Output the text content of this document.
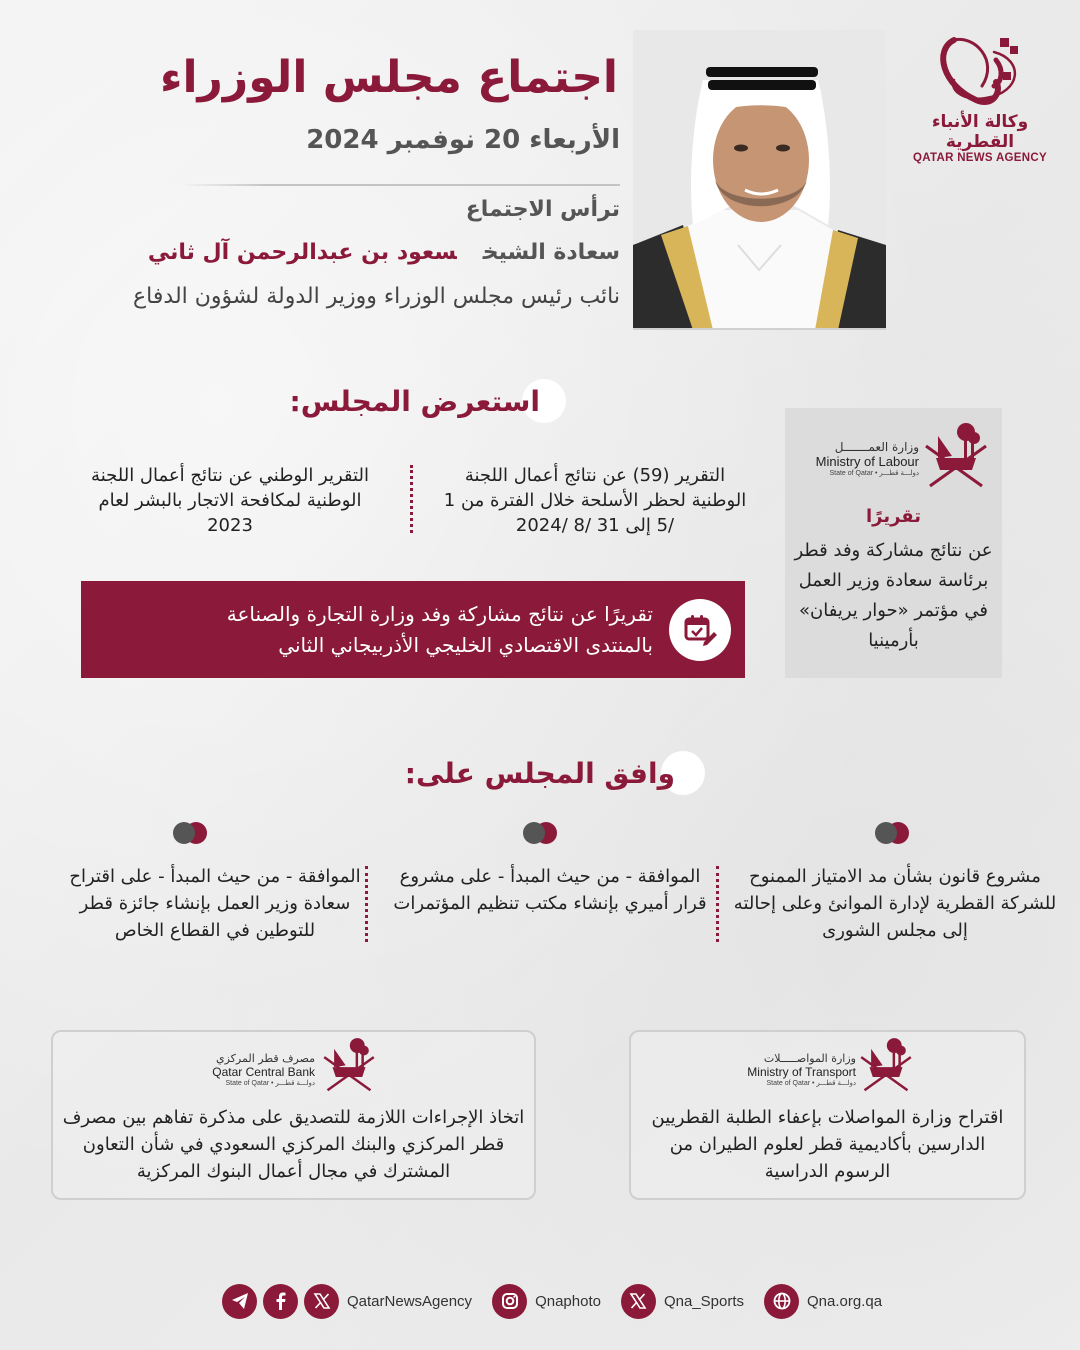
وكالة الأنباء القطرية
QATAR NEWS AGENCY
اجتماع مجلس الوزراء
الأربعاء 20 نوفمبر 2024
ترأس الاجتماع
سعادة الشيخسعود بن عبدالرحمن آل ثاني
نائب رئيس مجلس الوزراء ووزير الدولة لشؤون الدفاع
استعرض المجلس:
التقرير (59) عن نتائج أعمال اللجنة الوطنية لحظر الأسلحة خلال الفترة من 1 /5 إلى 31 /8 /2024
التقرير الوطني عن نتائج أعمال اللجنة الوطنية لمكافحة الاتجار بالبشر لعام 2023
تقريرًا عن نتائج مشاركة وفد وزارة التجارة والصناعة
بالمنتدى الاقتصادي الخليجي الأذربيجاني الثاني
وزارة العمـــــــل
Ministry of Labour
State of Qatar • دولـــة قطـــر
تقريرًا
عن نتائج مشاركة وفد قطر برئاسة سعادة وزير العمل في مؤتمر «حوار يريفان» بأرمينيا
وافق المجلس على:
مشروع قانون بشأن مد الامتياز الممنوح للشركة القطرية لإدارة الموانئ وعلى إحالته إلى مجلس الشورى
الموافقة - من حيث المبدأ - على مشروع قرار أميري بإنشاء مكتب تنظيم المؤتمرات
الموافقة - من حيث المبدأ - على اقتراح سعادة وزير العمل بإنشاء جائزة قطر للتوطين في القطاع الخاص
وزارة المواصـــــلات
Ministry of Transport
State of Qatar • دولـــة قطـــر
اقتراح وزارة المواصلات بإعفاء الطلبة القطريين الدارسين بأكاديمية قطر لعلوم الطيران من الرسوم الدراسية
مصرف قطر المركزي
Qatar Central Bank
State of Qatar • دولـــة قطـــر
اتخاذ الإجراءات اللازمة للتصديق على مذكرة تفاهم بين مصرف قطر المركزي والبنك المركزي السعودي في شأن التعاون المشترك في مجال أعمال البنوك المركزية
QatarNewsAgency	Qnaphoto	Qna_Sports	Qna.org.qa
